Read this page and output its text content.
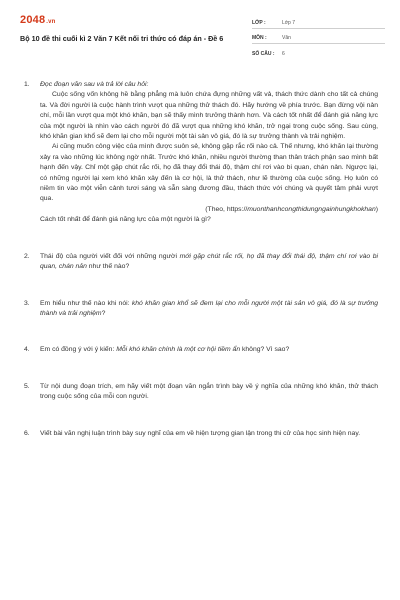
2048.vn
Bộ 10 đề thi cuối kì 2 Văn 7 Kết nối tri thức có đáp án - Đề 6
LỚP :	Lớp 7
MÔN :	Văn
SỐ CÂU :	6
1.	Đọc đoạn văn sau và trả lời câu hỏi:

Cuộc sống vốn không hề bằng phẳng mà luôn chứa đựng những vất vả, thách thức dành cho tất cả chúng ta. Và đời người là cuộc hành trình vượt qua những thử thách đó. Hãy hướng về phía trước. Bạn đừng vội nản chí, mỗi lần vượt qua một khó khăn, bạn sẽ thấy mình trưởng thành hơn. Và cách tốt nhất để đánh giá năng lực của một người là nhìn vào cách người đó đã vượt qua những khó khăn, trở ngại trong cuộc sống. Sau cùng, khó khăn gian khổ sẽ đem lại cho mỗi người một tài sản vô giá, đó là sự trưởng thành và trải nghiệm.

Ai cũng muốn công việc của mình được suôn sẻ, không gặp rắc rối nào cả. Thế nhưng, khó khăn lại thường xảy ra vào những lúc không ngờ nhất. Trước khó khăn, nhiều người thường than thân trách phận sao mình bất hạnh đến vậy. Chỉ một gặp chút rắc rối, họ đã thay đổi thái độ, thậm chí rơi vào bi quan, chán nản. Ngược lại, có những người lại xem khó khăn xảy đến là cơ hội, là thử thách, như lẽ thường của cuộc sống. Họ luôn có niềm tin vào một viễn cảnh tươi sáng và sẵn sàng đương đầu, thách thức với chúng và quyết tâm phải vượt qua.

(Theo, https://muonthanhcongthidungngainhungkhokhan)

Cách tốt nhất để đánh giá năng lực của một người là gì?

2.	Thái độ của người viết đối với những người mới gặp chút rắc rối, họ đã thay đổi thái độ, thậm chí rơi vào bi quan, chán nản như thế nào?

3.	Em hiểu như thế nào khi nói: khó khăn gian khổ sẽ đem lại cho mỗi người một tài sản vô giá, đó là sự trưởng thành và trải nghiệm?

4.	Em có đồng ý với ý kiến: Mỗi khó khăn chính là một cơ hội tiềm ẩn không? Vì sao?

5.	Từ nội dung đoạn trích, em hãy viết một đoạn văn ngắn trình bày về ý nghĩa của những khó khăn, thử thách trong cuộc sống của mỗi con người.

6.	Viết bài văn nghị luận trình bày suy nghĩ của em về hiện tượng gian lận trong thi cử của học sinh hiện nay.
